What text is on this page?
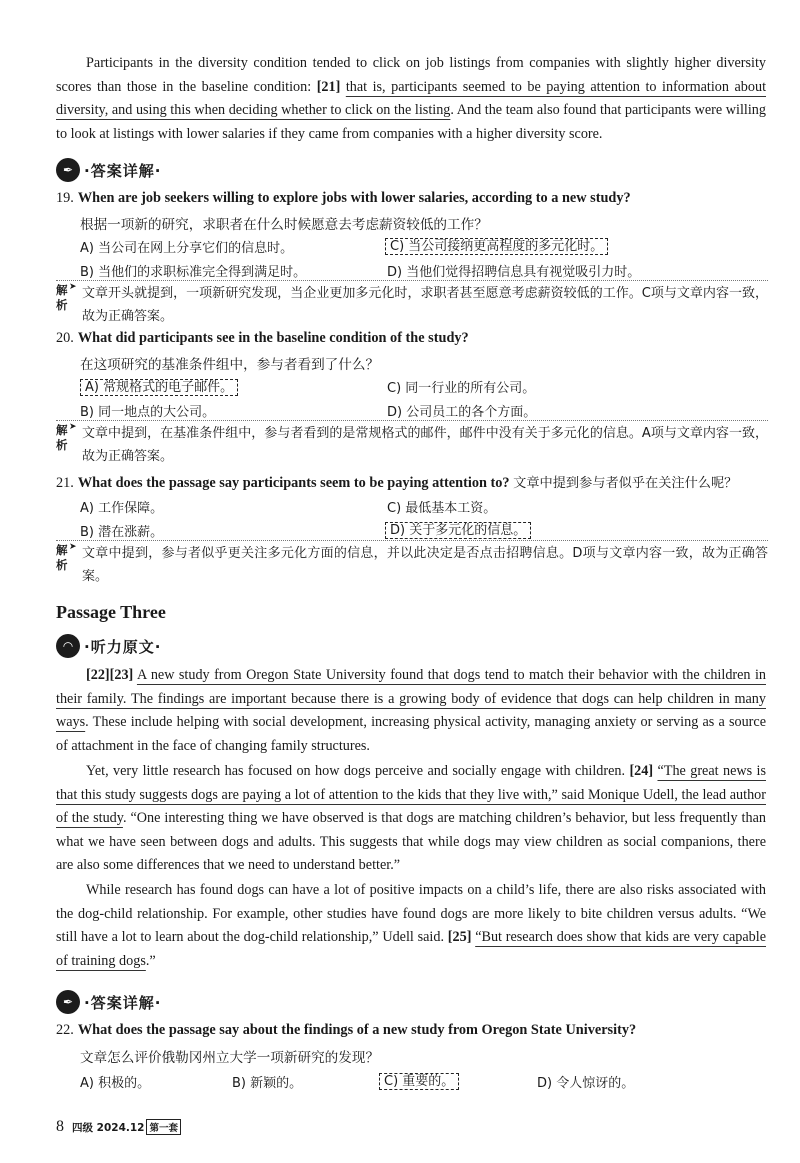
Participants in the diversity condition tended to click on job listings from companies with slightly higher diversity scores than those in the baseline condition: [21] that is, participants seemed to be paying attention to information about diversity, and using this when deciding whether to click on the listing. And the team also found that participants were willing to look at listings with lower salaries if they came from companies with a higher diversity score.

✒ ·答案详解·
19. When are job seekers willing to explore jobs with lower salaries, according to a new study?
根据一项新的研究，求职者在什么时候愿意去考虑薪资较低的工作？
A) 当公司在网上分享它们的信息时。	C) 当公司接纳更高程度的多元化时。
B) 当他们的求职标准完全得到满足时。	D) 当他们觉得招聘信息具有视觉吸引力时。
解析
➤ 文章开头就提到，一项新研究发现，当企业更加多元化时，求职者甚至愿意考虑薪资较低的工作。C项与文章内容一致，故为正确答案。
20. What did participants see in the baseline condition of the study?
在这项研究的基准条件组中，参与者看到了什么？
A) 常规格式的电子邮件。	C) 同一行业的所有公司。
B) 同一地点的大公司。	D) 公司员工的各个方面。
解析
➤ 文章中提到，在基准条件组中，参与者看到的是常规格式的邮件，邮件中没有关于多元化的信息。A项与文章内容一致，故为正确答案。
21. What does the passage say participants seem to be paying attention to? 文章中提到参与者似乎在关注什么呢？
A) 工作保障。	C) 最低基本工资。
B) 潜在涨薪。	D) 关于多元化的信息。
解析
➤ 文章中提到，参与者似乎更关注多元化方面的信息，并以此决定是否点击招聘信息。D项与文章内容一致，故为正确答案。
Passage Three
◠ ·听力原文·

[22][23] A new study from Oregon State University found that dogs tend to match their behavior with the children in their family. The findings are important because there is a growing body of evidence that dogs can help children in many ways. These include helping with social development, increasing physical activity, managing anxiety or serving as a source of attachment in the face of changing family structures.

Yet, very little research has focused on how dogs perceive and socially engage with children. [24] “The great news is that this study suggests dogs are paying a lot of attention to the kids that they live with,” said Monique Udell, the lead author of the study. “One interesting thing we have observed is that dogs are matching children’s behavior, but less frequently than what we have seen between dogs and adults. This suggests that while dogs may view children as social companions, there are also some differences that we need to understand better.”

While research has found dogs can have a lot of positive impacts on a child’s life, there are also risks associated with the dog-child relationship. For example, other studies have found dogs are more likely to bite children versus adults. “We still have a lot to learn about the dog-child relationship,” Udell said. [25] “But research does show that kids are very capable of training dogs.”

✒ ·答案详解·
22. What does the passage say about the findings of a new study from Oregon State University?
文章怎么评价俄勒冈州立大学一项新研究的发现？
A) 积极的。	B) 新颖的。	C) 重要的。	D) 令人惊讶的。
8 四级 2024.12 第一套
